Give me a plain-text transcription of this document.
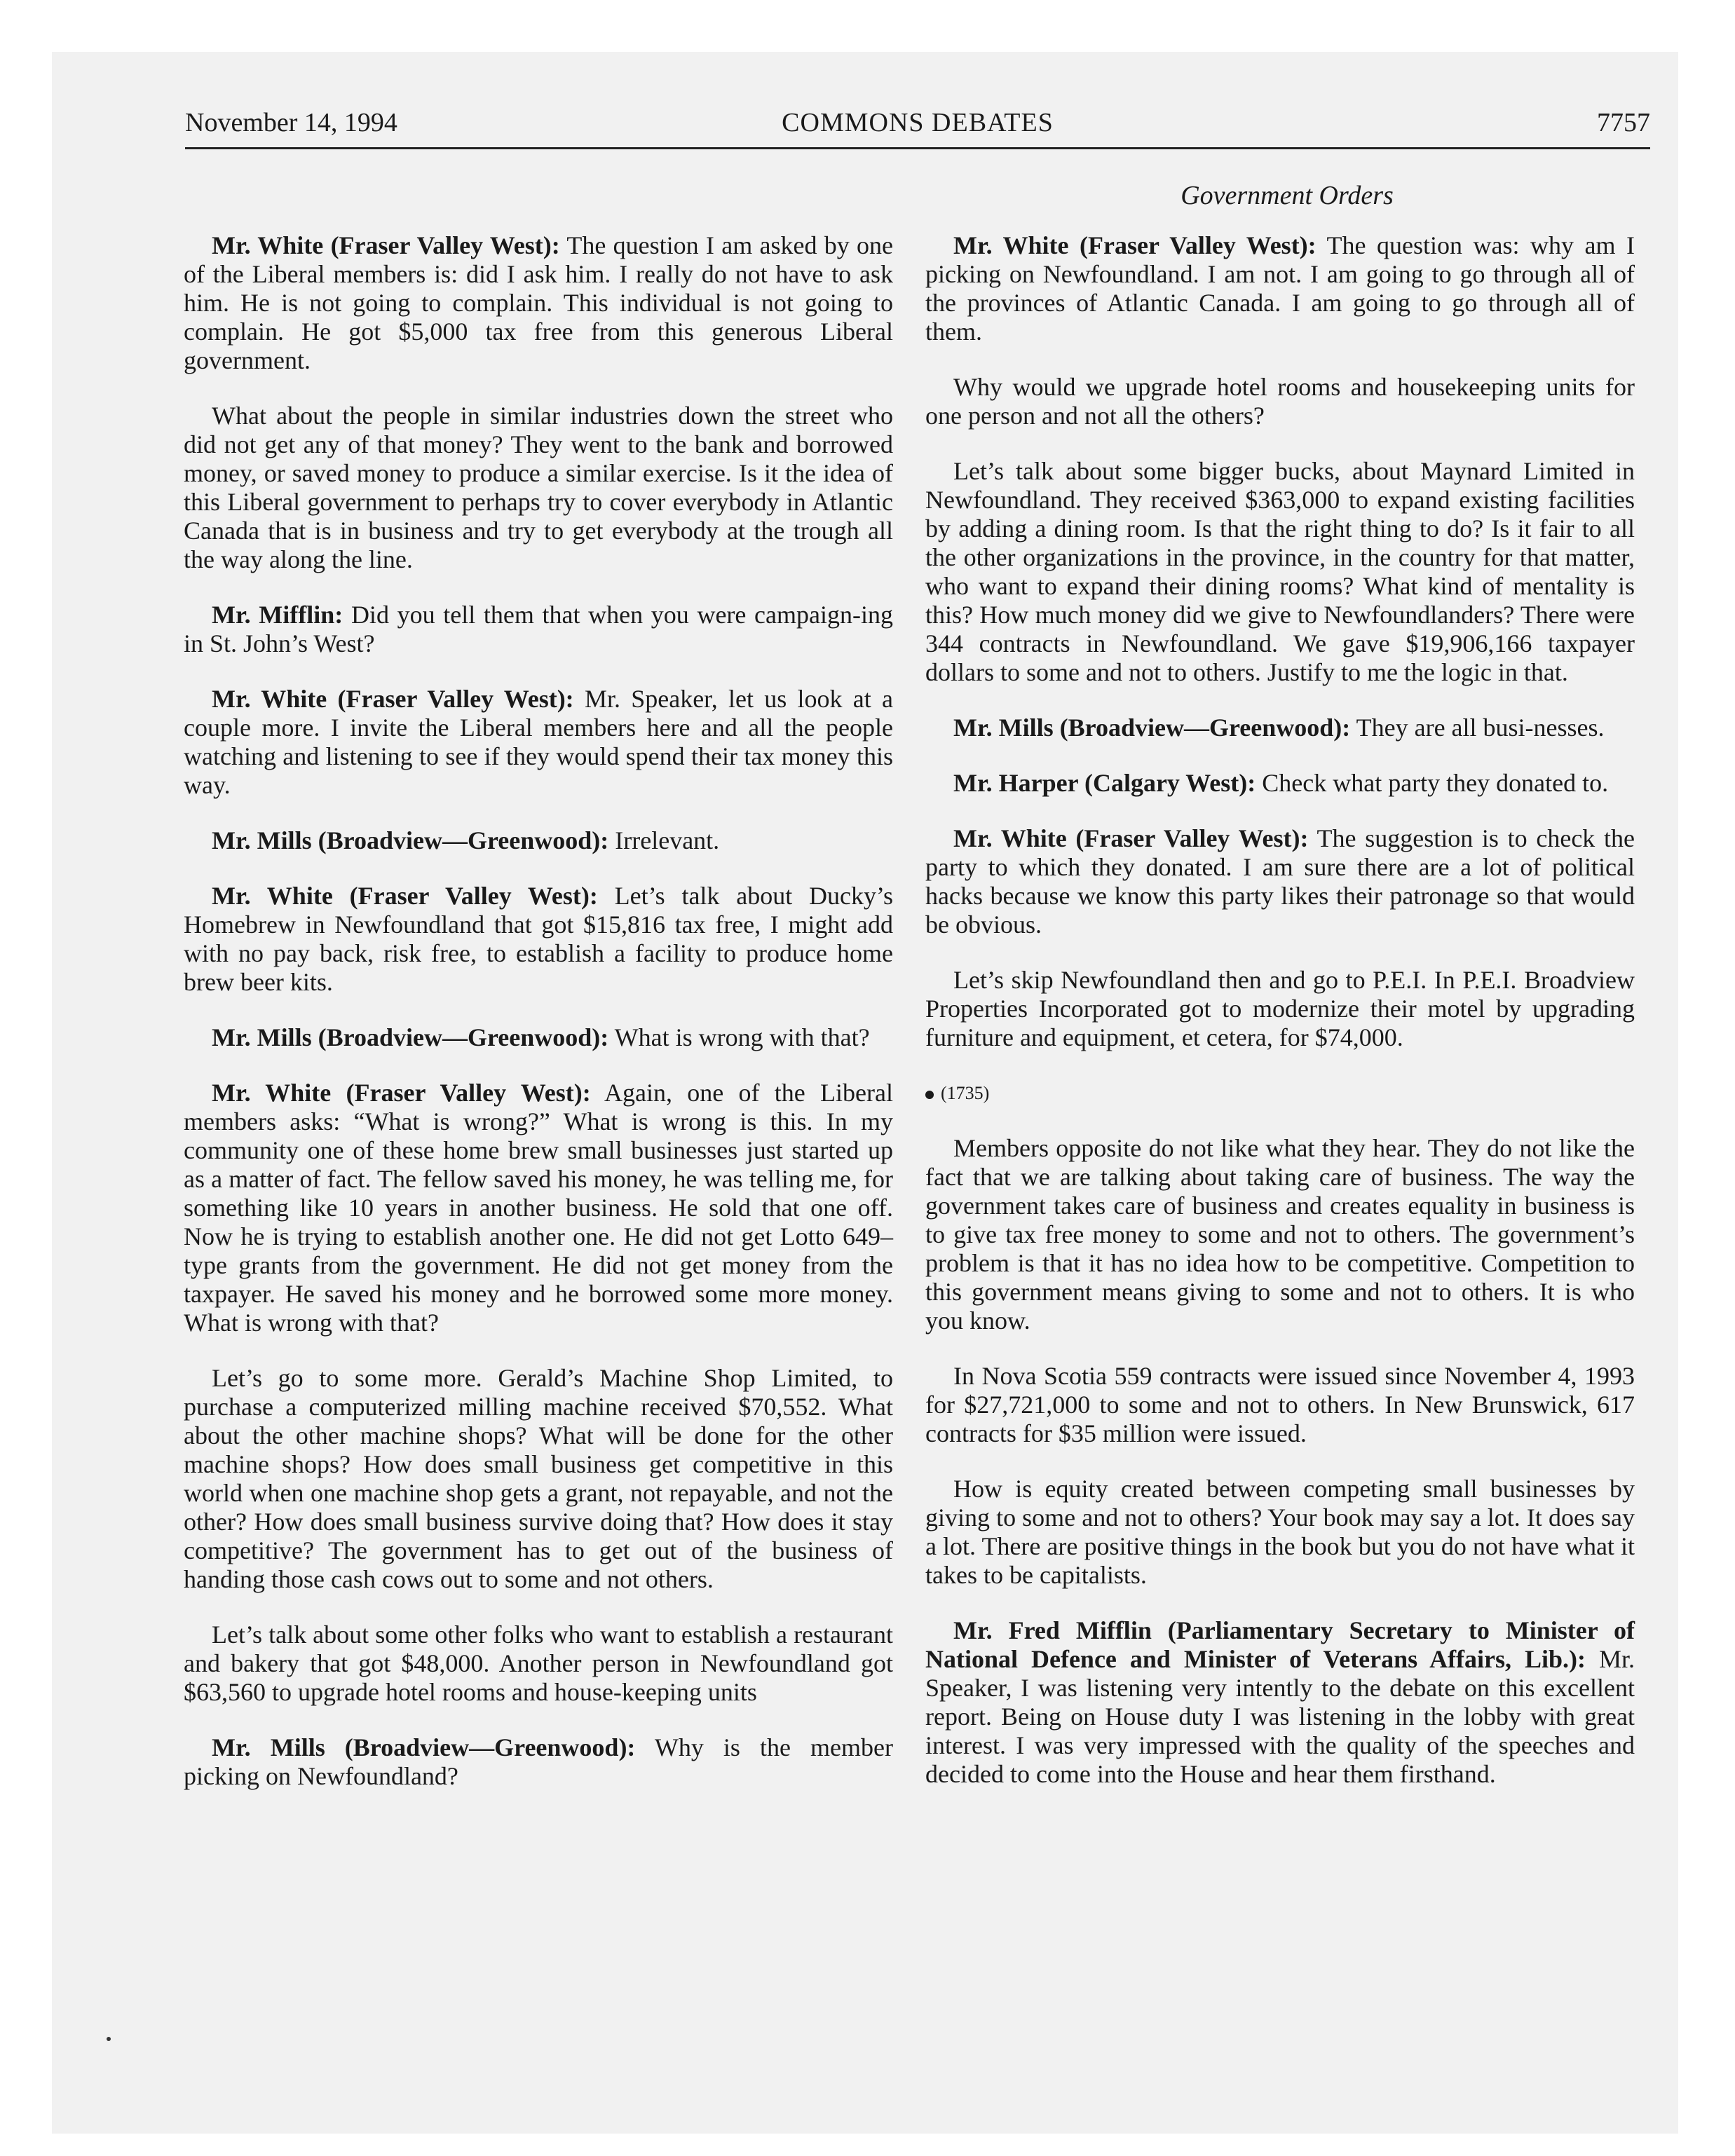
November 14, 1994	COMMONS DEBATES	7757
Government Orders

Mr. White (Fraser Valley West): The question I am asked by one of the Liberal members is: did I ask him. I really do not have to ask him. He is not going to complain. This individual is not going to complain. He got $5,000 tax free from this generous Liberal government.

What about the people in similar industries down the street who did not get any of that money? They went to the bank and borrowed money, or saved money to produce a similar exercise. Is it the idea of this Liberal government to perhaps try to cover everybody in Atlantic Canada that is in business and try to get everybody at the trough all the way along the line.

Mr. Mifflin: Did you tell them that when you were campaign-ing in St. John’s West?

Mr. White (Fraser Valley West): Mr. Speaker, let us look at a couple more. I invite the Liberal members here and all the people watching and listening to see if they would spend their tax money this way.

Mr. Mills (Broadview—Greenwood): Irrelevant.

Mr. White (Fraser Valley West): Let’s talk about Ducky’s Homebrew in Newfoundland that got $15,816 tax free, I might add with no pay back, risk free, to establish a facility to produce home brew beer kits.

Mr. Mills (Broadview—Greenwood): What is wrong with that?

Mr. White (Fraser Valley West): Again, one of the Liberal members asks: “What is wrong?” What is wrong is this. In my community one of these home brew small businesses just started up as a matter of fact. The fellow saved his money, he was telling me, for something like 10 years in another business. He sold that one off. Now he is trying to establish another one. He did not get Lotto 649–type grants from the government. He did not get money from the taxpayer. He saved his money and he borrowed some more money. What is wrong with that?

Let’s go to some more. Gerald’s Machine Shop Limited, to purchase a computerized milling machine received $70,552. What about the other machine shops? What will be done for the other machine shops? How does small business get competitive in this world when one machine shop gets a grant, not repayable, and not the other? How does small business survive doing that? How does it stay competitive? The government has to get out of the business of handing those cash cows out to some and not others.

Let’s talk about some other folks who want to establish a restaurant and bakery that got $48,000. Another person in Newfoundland got $63,560 to upgrade hotel rooms and house-keeping units

Mr. Mills (Broadview—Greenwood): Why is the member picking on Newfoundland?

Mr. White (Fraser Valley West): The question was: why am I picking on Newfoundland. I am not. I am going to go through all of the provinces of Atlantic Canada. I am going to go through all of them.

Why would we upgrade hotel rooms and housekeeping units for one person and not all the others?

Let’s talk about some bigger bucks, about Maynard Limited in Newfoundland. They received $363,000 to expand existing facilities by adding a dining room. Is that the right thing to do? Is it fair to all the other organizations in the province, in the country for that matter, who want to expand their dining rooms? What kind of mentality is this? How much money did we give to Newfoundlanders? There were 344 contracts in Newfoundland. We gave $19,906,166 taxpayer dollars to some and not to others. Justify to me the logic in that.

Mr. Mills (Broadview—Greenwood): They are all busi-nesses.

Mr. Harper (Calgary West): Check what party they donated to.

Mr. White (Fraser Valley West): The suggestion is to check the party to which they donated. I am sure there are a lot of political hacks because we know this party likes their patronage so that would be obvious.

Let’s skip Newfoundland then and go to P.E.I. In P.E.I. Broadview Properties Incorporated got to modernize their motel by upgrading furniture and equipment, et cetera, for $74,000.

(1735)

Members opposite do not like what they hear. They do not like the fact that we are talking about taking care of business. The way the government takes care of business and creates equality in business is to give tax free money to some and not to others. The government’s problem is that it has no idea how to be competitive. Competition to this government means giving to some and not to others. It is who you know.

In Nova Scotia 559 contracts were issued since November 4, 1993 for $27,721,000 to some and not to others. In New Brunswick, 617 contracts for $35 million were issued.

How is equity created between competing small businesses by giving to some and not to others? Your book may say a lot. It does say a lot. There are positive things in the book but you do not have what it takes to be capitalists.

Mr. Fred Mifflin (Parliamentary Secretary to Minister of National Defence and Minister of Veterans Affairs, Lib.): Mr. Speaker, I was listening very intently to the debate on this excellent report. Being on House duty I was listening in the lobby with great interest. I was very impressed with the quality of the speeches and decided to come into the House and hear them firsthand.
